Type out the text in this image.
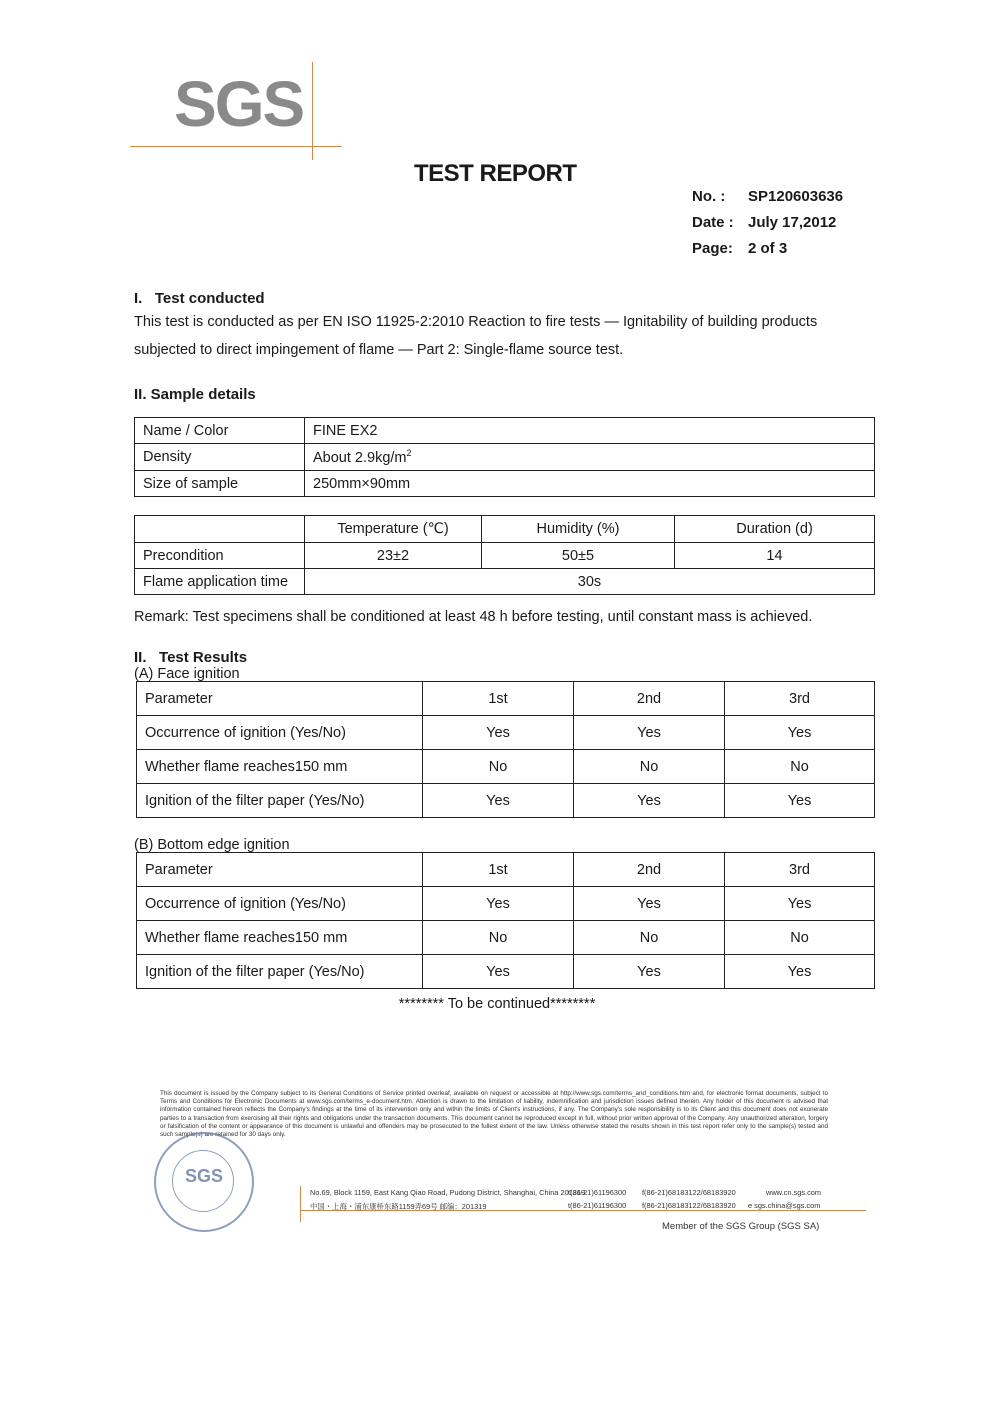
SGS
TEST REPORT
No. :	SP120603636
Date : July 17,2012
Page:	2 of 3
I. Test conducted
This test is conducted as per EN ISO 11925-2:2010 Reaction to fire tests — Ignitability of building products
subjected to direct impingement of flame — Part 2: Single-flame source test.
II. Sample details
Name / Color	FINE EX2
Density	About $2.9kg/m^2$
Size of sample	250mm×90mm
	Temperature (℃)	Humidity (%)	Duration (d)
Precondition	23±2	50±5	14
Flame application time	30s		
Remark: Test specimens shall be conditioned at least 48 h before testing, until constant mass is achieved.
II. Test Results
(A) Face ignition
Parameter	1st	2nd	3rd
Occurrence of ignition (Yes/No)	Yes	Yes	Yes
Whether flame reaches150 mm	No	No	No
Ignition of the filter paper (Yes/No)	Yes	Yes	Yes
(B) Bottom edge ignition
Parameter	1st	2nd	3rd
Occurrence of ignition (Yes/No)	Yes	Yes	Yes
Whether flame reaches150 mm	No	No	No
Ignition of the filter paper (Yes/No)	Yes	Yes	Yes
******** To be continued********
This document is issued by the Company subject to its General Conditions of Service printed overleaf, available on request or accessible at http://www.sgs.com/terms_and_conditions.htm and, for electronic format documents, subject to Terms and Conditions for Electronic Documents at www.sgs.com/terms_e-document.htm. Attention is drawn to the limitation of liability, indemnification and jurisdiction issues defined therein. Any holder of this document is advised that information contained hereon reflects the Company's findings at the time of its intervention only and within the limits of Client's instructions, if any. The Company's sole responsibility is to its Client and this document does not exonerate parties to a transaction from exercising all their rights and obligations under the transaction documents. This document cannot be reproduced except in full, without prior written approval of the Company. Any unauthorized alteration, forgery or falsification of the content or appearance of this document is unlawful and offenders may be prosecuted to the fullest extent of the law. Unless otherwise stated the results shown in this test report refer only to the sample(s) tested and such sample(s) are retained for 30 days only.
SGS
No.69, Block 1159, East Kang Qiao Road, Pudong District, Shanghai, China 201319
t(86-21)61196300 f(86-21)68183122/68183920	www.cn.sgs.com
中国・上海・浦东康桥东路1159弄69号 邮编：201319	t(86-21)61196300 f(86-21)68183122/68183920 e sgs.china@sgs.com
Member of the SGS Group (SGS SA)
